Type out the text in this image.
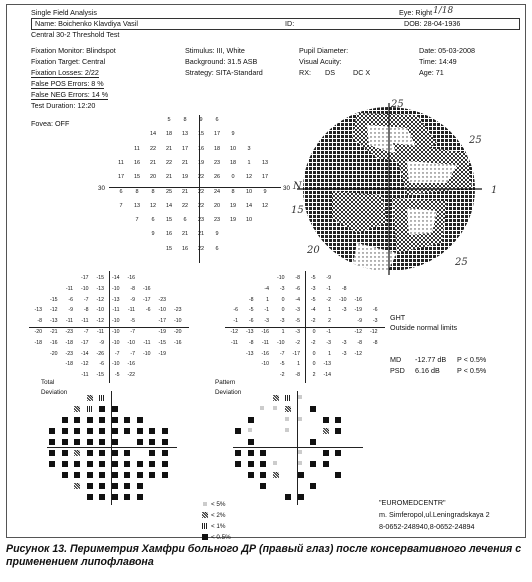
Single Field Analysis	Eye: Right 1/18
Name: Boichenko Klavdiya Vasil	ID:	DOB: 28-04-1936
Central 30-2 Threshold Test
Fixation Monitor: Blindspot
Fixation Target: Central
Fixation Losses: 2/22
False POS Errors: 8 %
False NEG Errors: 14 %
Test Duration: 12:20
Fovea: OFF
Stimulus: III, White
Background: 31.5 ASB
Strategy: SITA-Standard
Pupil Diameter:
Visual Acuity:
RX: DS	DC X
Date: 05-03-2008
Time: 14:49
Age: 71
30	30
5	8	9	6
14	18	13	15	17	9
11	22	21	17	16	18	10	3
11	16	21	22	21	19	23	18	1	13
17	15	20	21	19	22	26	0	12	17
6	8	8	25	21	22	24	8	10	9
7	13	12	14	22	22	20	19	14	12
7	6	15	6	23	23	19	10
9	16	21	21	9
15	16	22	6
25
25
N
15
20
25
1
-17	-15	-14	-16
-11	-10	-13	-10	-8	-16
-15	-6	-7	-12	-13	-9	-17	-23
-13	-12	-9	-8	-10	-11	-11	-6	-10	-23
-8	-13	-11	-11	-12	-10	-5	-17	-10
-20	-21	-23	-7	-11	-10	-7	-19	-20
-18	-16	-18	-17	-9	-10	-10	-11	-15	-16
-20	-23	-14	-26	-7	-7	-10	-19
-18	-12	-6	-10	-16
-11	-15	-5	-22
-10	-8	-5	-9
-4	-3	-6	-3	-1	-8
-8	1	0	-4	-5	-2	-10	-16
-6	-5	-1	0	-3	-4	1	-3	-19	-6
-1	-6	-3	-3	-5	-2	2	-9	-3
-12	-13	-16	1	-3	0	-1	-12	-12
-11	-8	-11	-10	-2	-2	-3	-3	-8	-8
-13	-16	-7	-17	0	1	-3	-12
-10	-5	1	0	-13
-2	-8	2	-14
GHT
Outside normal limits
MD -12.77 dB P < 0.5%
PSD 6.16 dB P < 0.5%
Total
Deviation
Pattern
Deviation
< 5%
< 2%
< 1%
< 0.5%
"EUROMEDCENTR"
m. Simferopol,ul.Leningradskaya 2
8-0652-248940,8-0652-24894
Рисунок 13. Периметрия Хамфри больного ДР (правый глаз) после консервативного лечения с применением липофлавона
